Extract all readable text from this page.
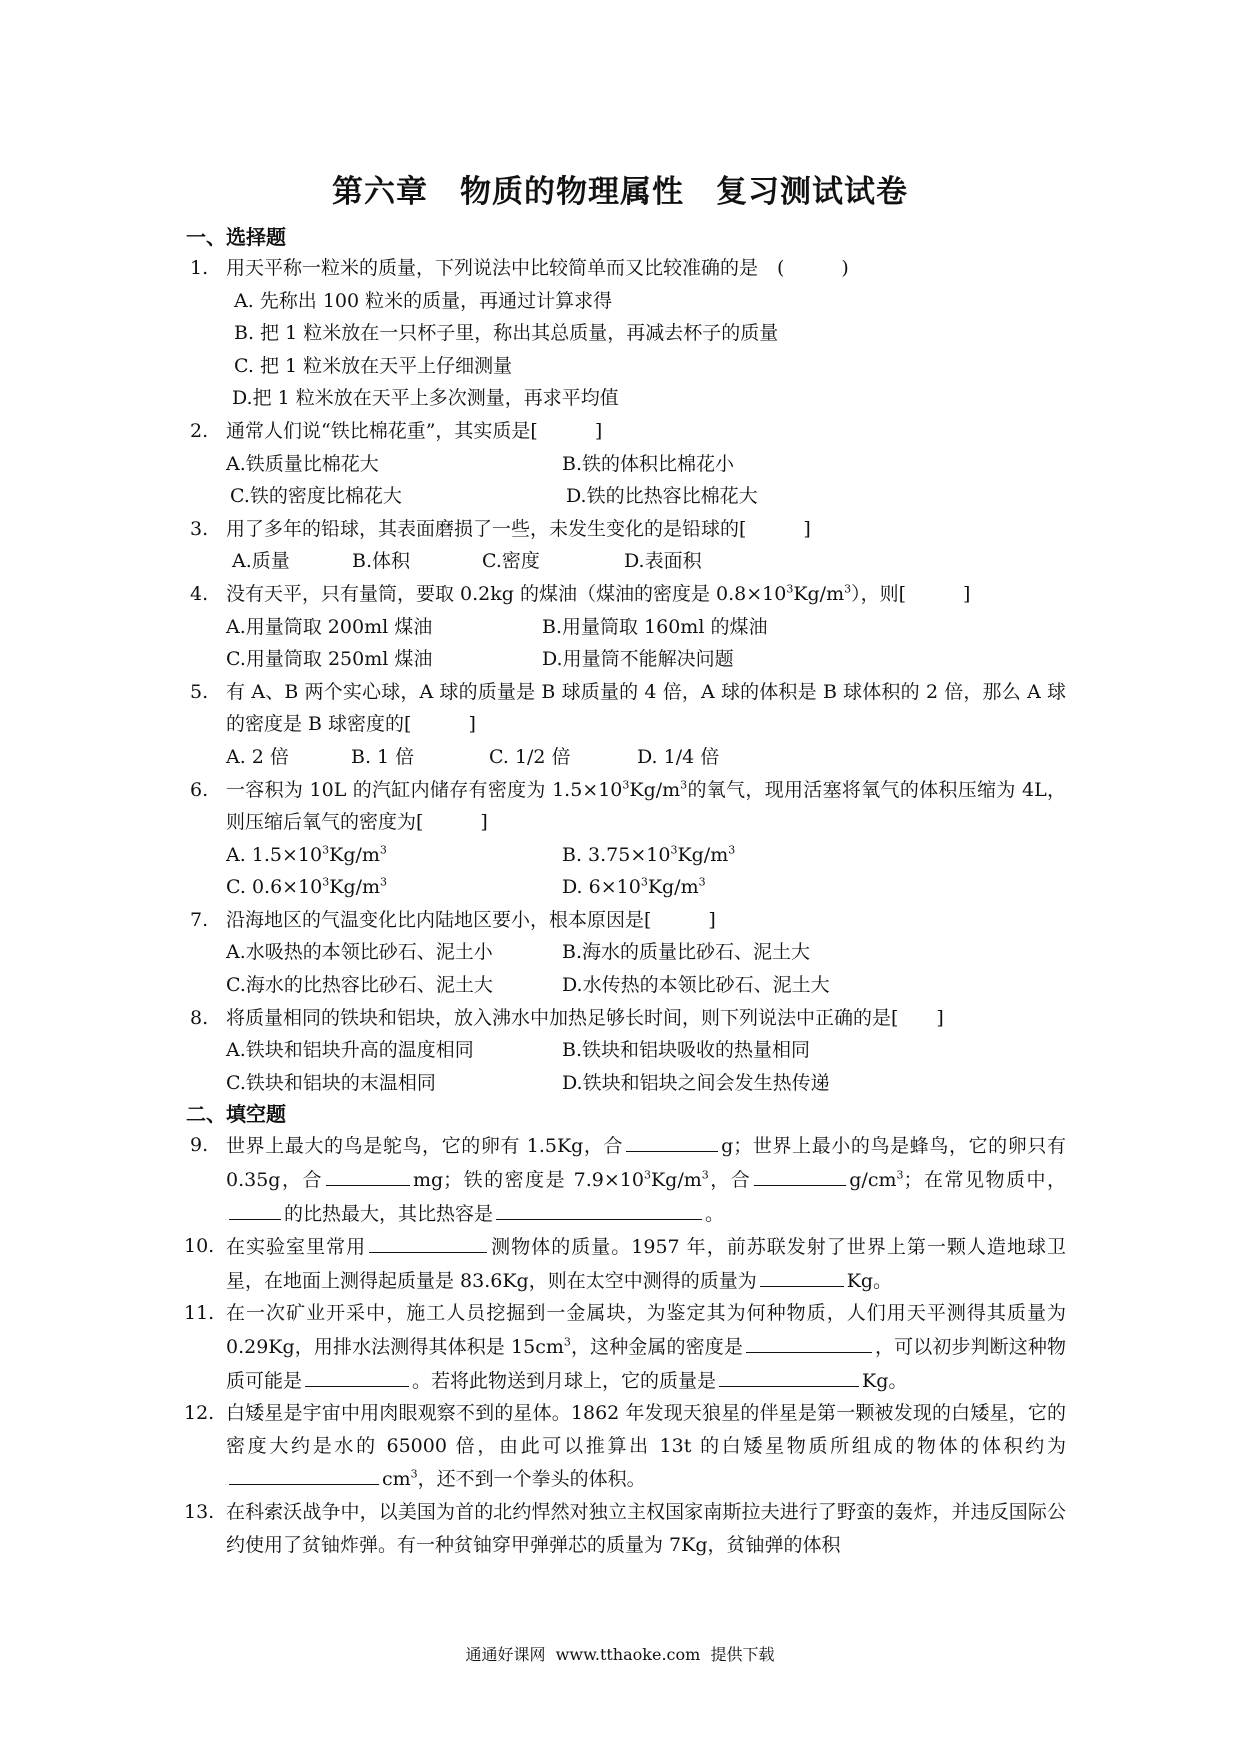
第六章　物质的物理属性　复习测试试卷
一、选择题
1. 用天平称一粒米的质量，下列说法中比较简单而又比较准确的是　(　　　)
A. 先称出 100 粒米的质量，再通过计算求得
B. 把 1 粒米放在一只杯子里，称出其总质量，再减去杯子的质量
C. 把 1 粒米放在天平上仔细测量
D.把 1 粒米放在天平上多次测量，再求平均值
2. 通常人们说“铁比棉花重”，其实质是[　　　]
A.铁质量比棉花大	B.铁的体积比棉花小
C.铁的密度比棉花大	D.铁的比热容比棉花大
3. 用了多年的铅球，其表面磨损了一些，未发生变化的是铅球的[　　　]
A.质量	B.体积	C.密度	D.表面积
4. 没有天平，只有量筒，要取 0.2kg 的煤油（煤油的密度是 $0.8\times 10^3Kg/m^3$），则[　　　]
A.用量筒取 200ml 煤油	B.用量筒取 160ml 的煤油
C.用量筒取 250ml 煤油	D.用量筒不能解决问题
5. 有 A、B 两个实心球，A 球的质量是 B 球质量的 4 倍，A 球的体积是 B 球体积的 2 倍，那么 A 球的密度是 B 球密度的[　　　]
A. 2 倍	B. 1 倍	C. 1/2 倍	D. 1/4 倍
6. 一容积为 10L 的汽缸内储存有密度为 $1.5\times 10^3Kg/m^3$的氧气，现用活塞将氧气的体积压缩为 4L，则压缩后氧气的密度为[　　　]
A. $1.5\times 10^3Kg/m^3$	B. $3.75\times 10^3Kg/m^3$
C. $0.6\times 10^3Kg/m^3$	D. $6\times 10^3Kg/m^3$
7. 沿海地区的气温变化比内陆地区要小，根本原因是[　　　]
A.水吸热的本领比砂石、泥土小	B.海水的质量比砂石、泥土大
C.海水的比热容比砂石、泥土大	D.水传热的本领比砂石、泥土大
8. 将质量相同的铁块和铝块，放入沸水中加热足够长时间，则下列说法中正确的是[　　]
A.铁块和铝块升高的温度相同	B.铁块和铝块吸收的热量相同
C.铁块和铝块的末温相同	D.铁块和铝块之间会发生热传递
二、填空题
9. 世界上最大的鸟是鸵鸟，它的卵有 1.5Kg，合	g；世界上最小的鸟是蜂鸟，它的卵只有 0.35g，合	mg；铁的密度是 $7.9\times 10^3Kg/m^3$，合	$g/cm^3$；在常见物质中，的比热最大，其比热容是	。
10. 在实验室里常用	测物体的质量。1957 年，前苏联发射了世界上第一颗人造地球卫星，在地面上测得起质量是 83.6Kg，则在太空中测得的质量为	Kg。
11. 在一次矿业开采中，施工人员挖掘到一金属块，为鉴定其为何种物质，人们用天平测得其质量为 0.29Kg，用排水法测得其体积是 $15cm^3$，这种金属的密度是	，可以初步判断这种物质可能是	。若将此物送到月球上，它的质量是	Kg。
12. 白矮星是宇宙中用肉眼观察不到的星体。1862 年发现天狼星的伴星是第一颗被发现的白矮星，它的密度大约是水的 65000 倍，由此可以推算出 13t 的白矮星物质所组成的物体的体积约为$cm^3$，还不到一个拳头的体积。
13. 在科索沃战争中，以美国为首的北约悍然对独立主权国家南斯拉夫进行了野蛮的轰炸，并违反国际公约使用了贫铀炸弹。有一种贫铀穿甲弹弹芯的质量为 7Kg，贫铀弹的体积
通通好课网  www.tthaoke.com  提供下载
